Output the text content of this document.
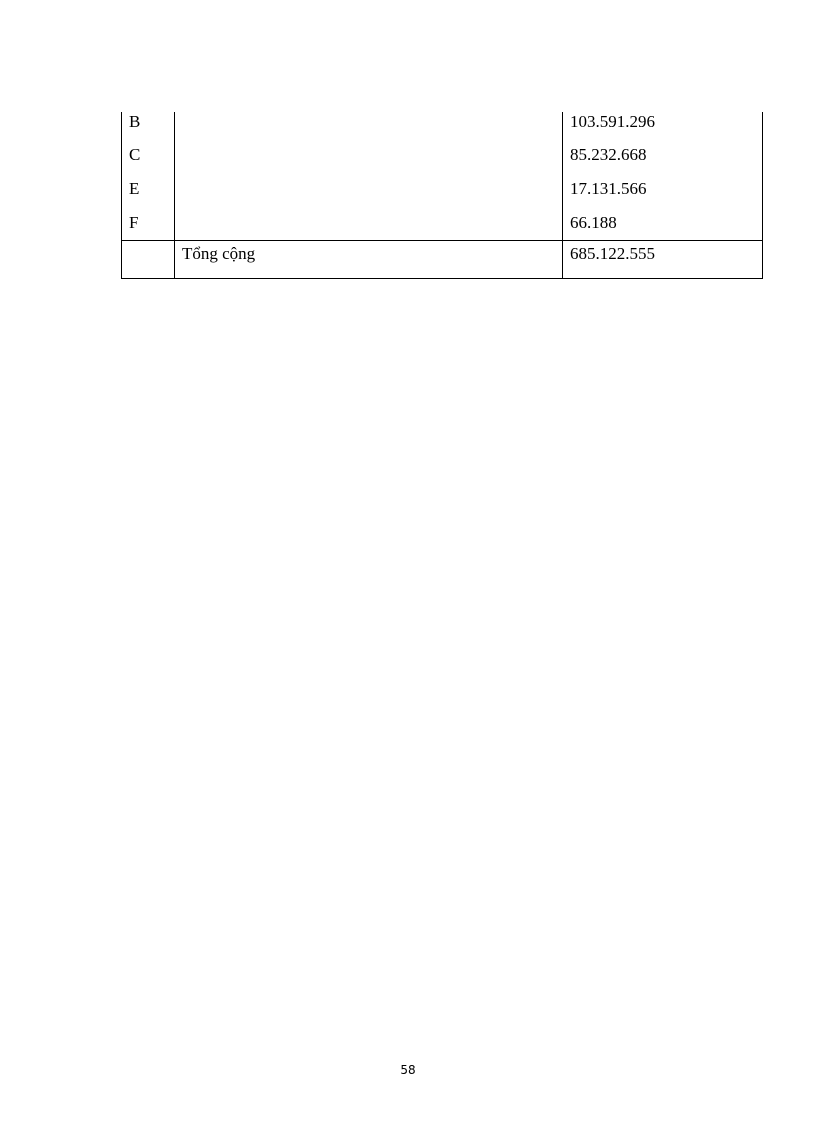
B		103.591.296
C		85.232.668
E		17.131.566
F		66.188
	Tổng cộng	685.122.555
58
